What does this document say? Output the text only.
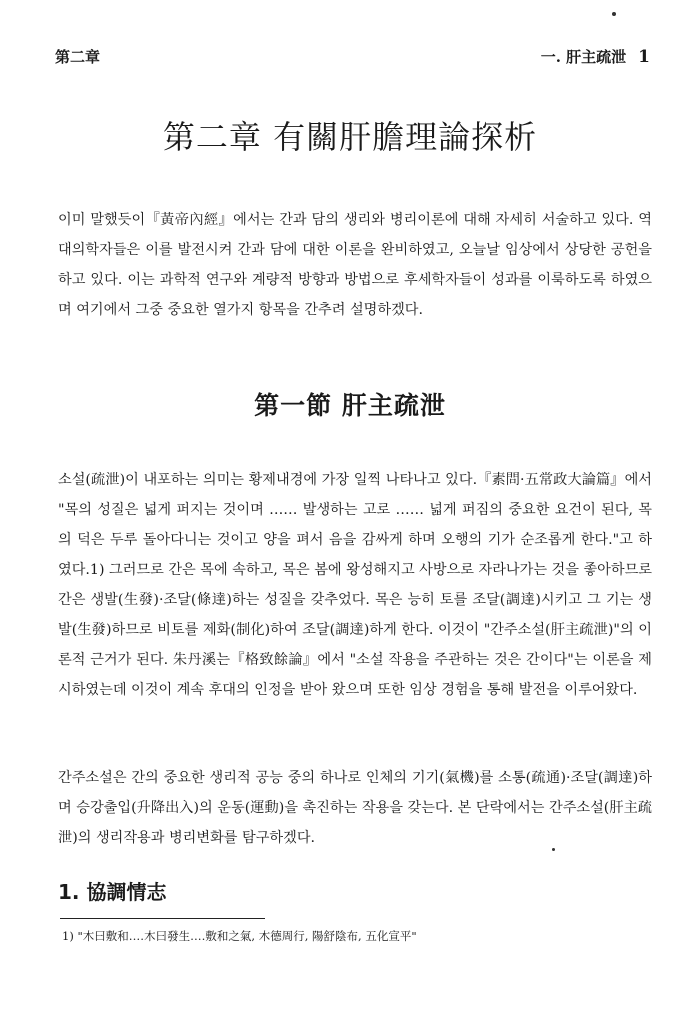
第二章	一. 肝主疏泄 1
第二章 有關肝膽理論探析

이미 말했듯이『黃帝內經』에서는 간과 담의 생리와 병리이론에 대해 자세히 서술하고 있다. 역대의학자들은 이를 발전시켜 간과 담에 대한 이론을 완비하였고, 오늘날 임상에서 상당한 공헌을 하고 있다. 이는 과학적 연구와 계량적 방향과 방법으로 후세학자들이 성과를 이룩하도록 하였으며 여기에서 그중 중요한 열가지 항목을 간추려 설명하겠다.

第一節 肝主疏泄

소설(疏泄)이 내포하는 의미는 황제내경에 가장 일찍 나타나고 있다.『素問·五常政大論篇』에서 "목의 성질은 넓게 퍼지는 것이며 …… 발생하는 고로 …… 넓게 퍼짐의 중요한 요건이 된다, 목의 덕은 두루 돌아다니는 것이고 양을 펴서 음을 감싸게 하며 오행의 기가 순조롭게 한다."고 하였다.1) 그러므로 간은 목에 속하고, 목은 봄에 왕성해지고 사방으로 자라나가는 것을 좋아하므로 간은 생발(生發)·조달(條達)하는 성질을 갖추었다. 목은 능히 토를 조달(調達)시키고 그 기는 생발(生發)하므로 비토를 제화(制化)하여 조달(調達)하게 한다. 이것이 "간주소설(肝主疏泄)"의 이론적 근거가 된다. 朱丹溪는『格致餘論』에서 "소설 작용을 주관하는 것은 간이다"는 이론을 제시하였는데 이것이 계속 후대의 인정을 받아 왔으며 또한 임상 경험을 통해 발전을 이루어왔다.

간주소설은 간의 중요한 생리적 공능 중의 하나로 인체의 기기(氣機)를 소통(疏通)·조달(調達)하며 승강출입(升降出入)의 운동(運動)을 촉진하는 작용을 갖는다. 본 단락에서는 간주소설(肝主疏泄)의 생리작용과 병리변화를 탐구하겠다.

1. 協調情志
1) "木曰敷和‥‥木曰發生‥‥敷和之氣, 木德周行, 陽舒陰布, 五化宣平"
